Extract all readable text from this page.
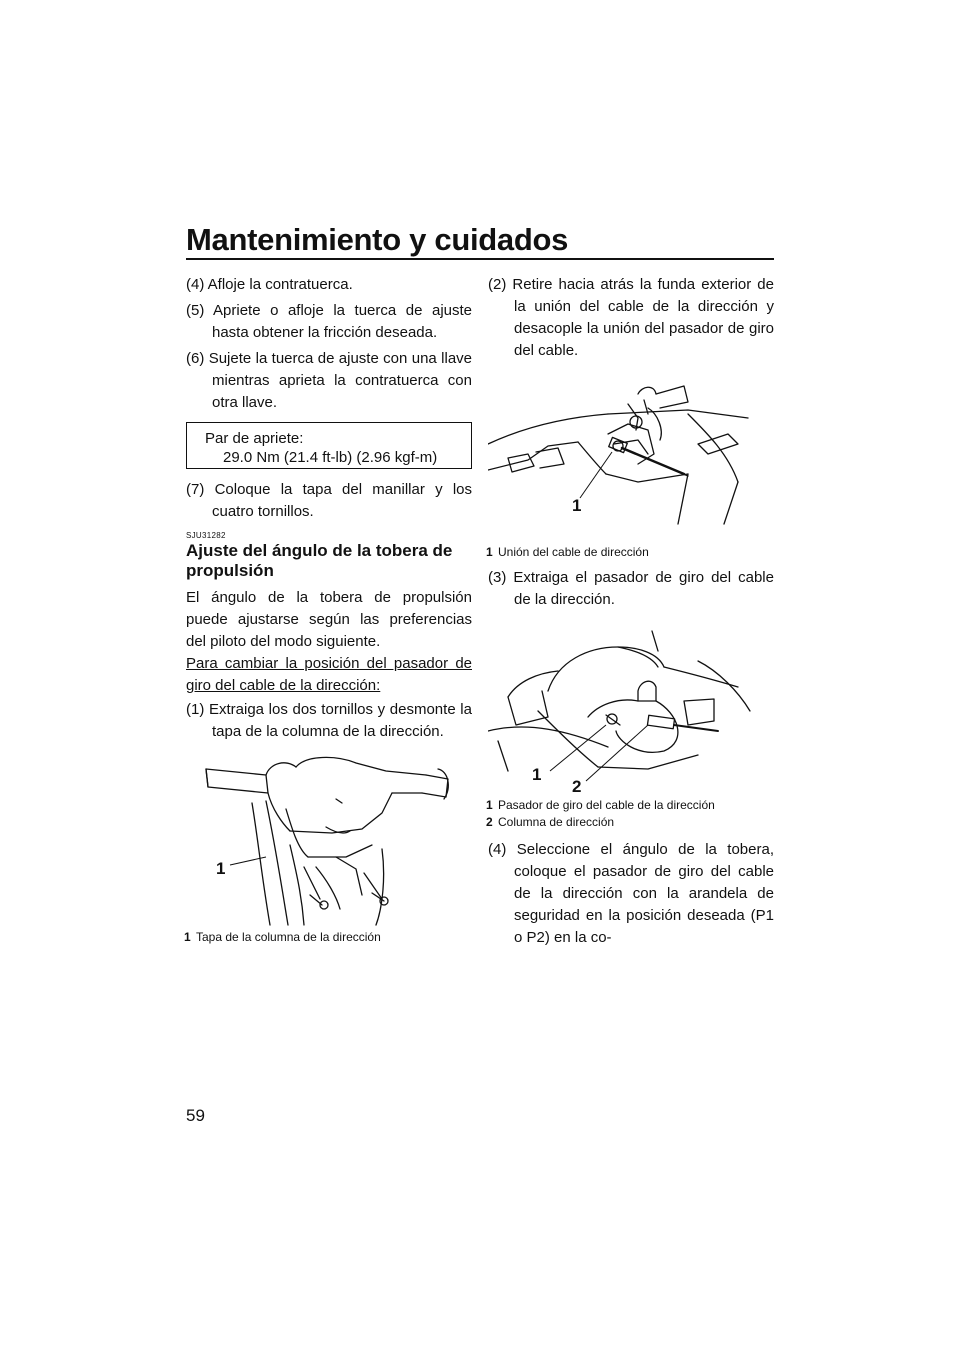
Mantenimiento y cuidados
(4) Afloje la contratuerca.
(5) Apriete o afloje la tuerca de ajuste hasta obtener la fricción deseada.
(6) Sujete la tuerca de ajuste con una llave mientras aprieta la contratuerca con otra llave.
Par de apriete:
29.0 Nm (21.4 ft-lb) (2.96 kgf-m)
(7) Coloque la tapa del manillar y los cuatro tornillos.
SJU31282
Ajuste del ángulo de la tobera de propulsión
El ángulo de la tobera de propulsión puede ajustarse según las preferencias del piloto del modo siguiente.
Para cambiar la posición del pasador de giro del cable de la dirección:
(1) Extraiga los dos tornillos y desmonte la tapa de la columna de la dirección.
1
1 Tapa de la columna de la dirección
(2) Retire hacia atrás la funda exterior de la unión del cable de la dirección y desacople la unión del pasador de giro del cable.
1
1 Unión del cable de dirección
(3) Extraiga el pasador de giro del cable de la dirección.
1
2
1 Pasador de giro del cable de la dirección
2 Columna de dirección
(4) Seleccione el ángulo de la tobera, coloque el pasador de giro del cable de la dirección con la arandela de seguridad en la posición deseada (P1 o P2) en la co-
59
